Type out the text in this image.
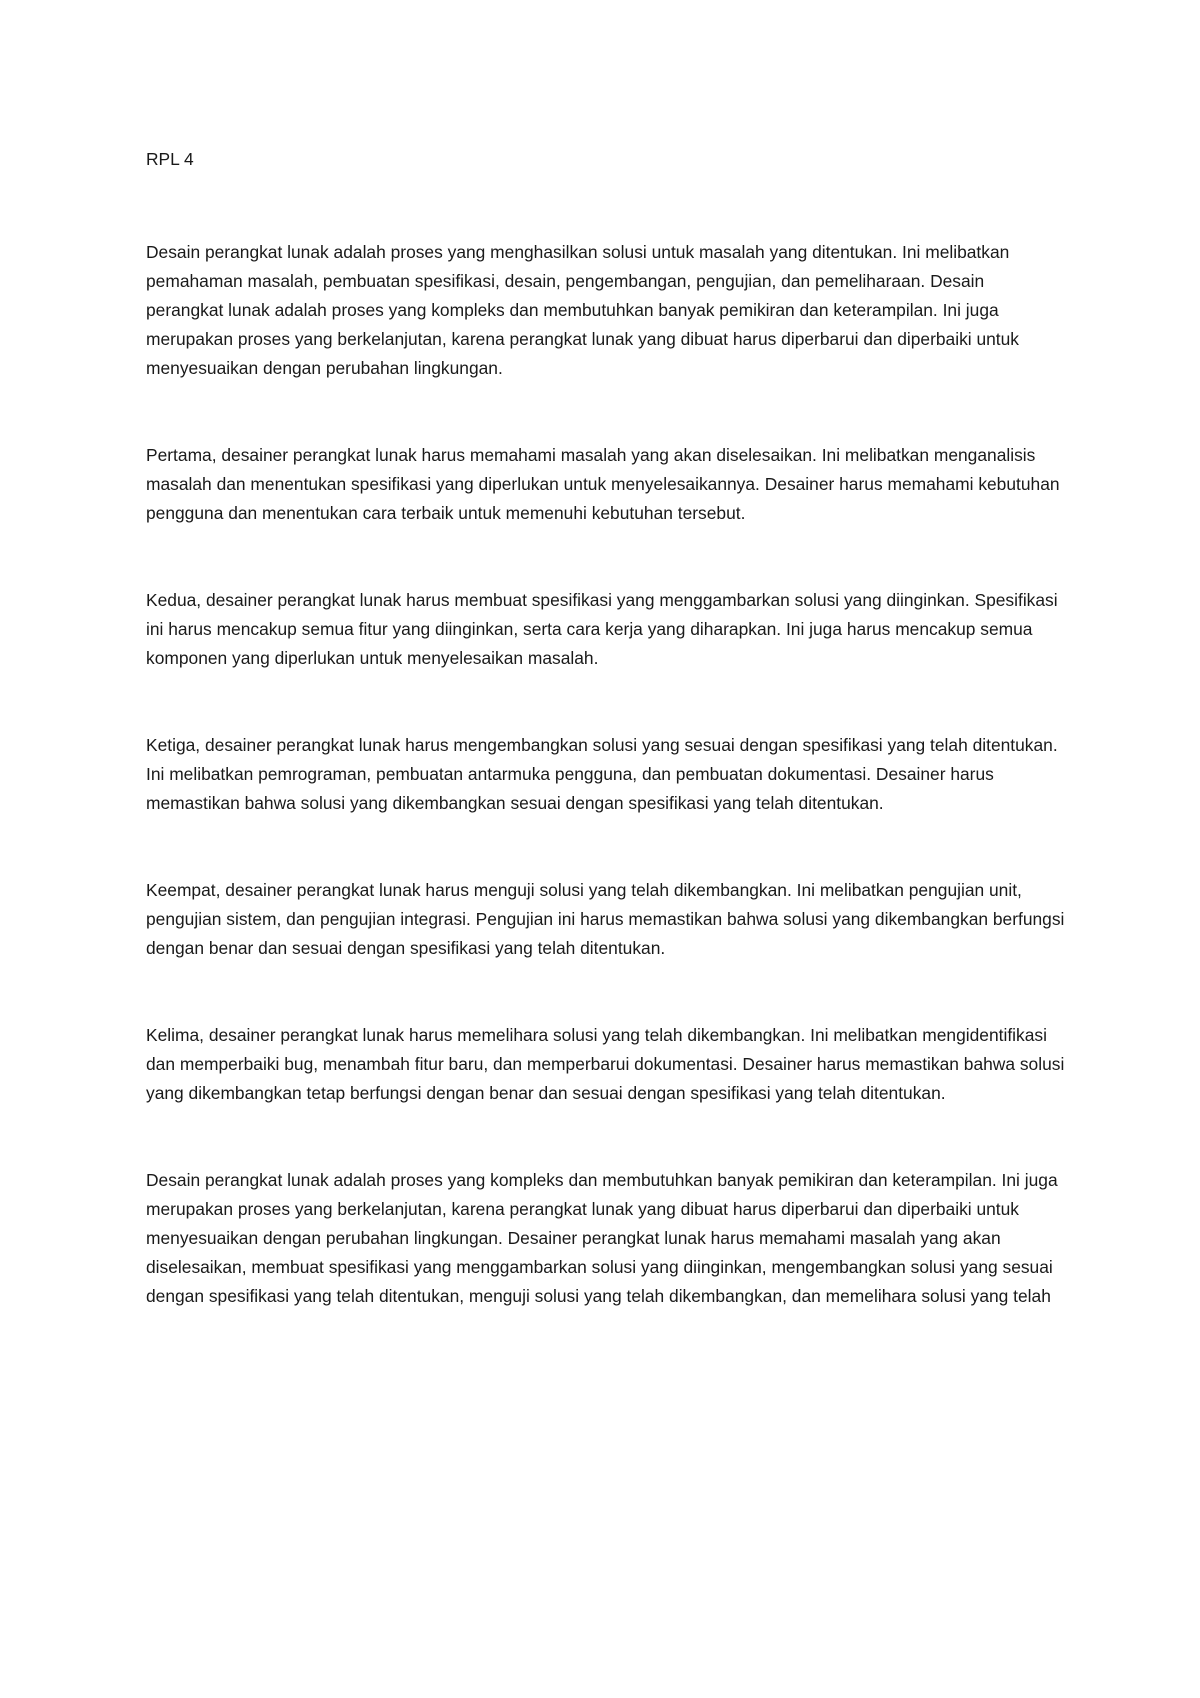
RPL 4

Desain perangkat lunak adalah proses yang menghasilkan solusi untuk masalah yang ditentukan. Ini melibatkan pemahaman masalah, pembuatan spesifikasi, desain, pengembangan, pengujian, dan pemeliharaan. Desain perangkat lunak adalah proses yang kompleks dan membutuhkan banyak pemikiran dan keterampilan. Ini juga merupakan proses yang berkelanjutan, karena perangkat lunak yang dibuat harus diperbarui dan diperbaiki untuk menyesuaikan dengan perubahan lingkungan.

Pertama, desainer perangkat lunak harus memahami masalah yang akan diselesaikan. Ini melibatkan menganalisis masalah dan menentukan spesifikasi yang diperlukan untuk menyelesaikannya. Desainer harus memahami kebutuhan pengguna dan menentukan cara terbaik untuk memenuhi kebutuhan tersebut.

Kedua, desainer perangkat lunak harus membuat spesifikasi yang menggambarkan solusi yang diinginkan. Spesifikasi ini harus mencakup semua fitur yang diinginkan, serta cara kerja yang diharapkan. Ini juga harus mencakup semua komponen yang diperlukan untuk menyelesaikan masalah.

Ketiga, desainer perangkat lunak harus mengembangkan solusi yang sesuai dengan spesifikasi yang telah ditentukan. Ini melibatkan pemrograman, pembuatan antarmuka pengguna, dan pembuatan dokumentasi. Desainer harus memastikan bahwa solusi yang dikembangkan sesuai dengan spesifikasi yang telah ditentukan.

Keempat, desainer perangkat lunak harus menguji solusi yang telah dikembangkan. Ini melibatkan pengujian unit, pengujian sistem, dan pengujian integrasi. Pengujian ini harus memastikan bahwa solusi yang dikembangkan berfungsi dengan benar dan sesuai dengan spesifikasi yang telah ditentukan.

Kelima, desainer perangkat lunak harus memelihara solusi yang telah dikembangkan. Ini melibatkan mengidentifikasi dan memperbaiki bug, menambah fitur baru, dan memperbarui dokumentasi. Desainer harus memastikan bahwa solusi yang dikembangkan tetap berfungsi dengan benar dan sesuai dengan spesifikasi yang telah ditentukan.

Desain perangkat lunak adalah proses yang kompleks dan membutuhkan banyak pemikiran dan keterampilan. Ini juga merupakan proses yang berkelanjutan, karena perangkat lunak yang dibuat harus diperbarui dan diperbaiki untuk menyesuaikan dengan perubahan lingkungan. Desainer perangkat lunak harus memahami masalah yang akan diselesaikan, membuat spesifikasi yang menggambarkan solusi yang diinginkan, mengembangkan solusi yang sesuai dengan spesifikasi yang telah ditentukan, menguji solusi yang telah dikembangkan, dan memelihara solusi yang telah
